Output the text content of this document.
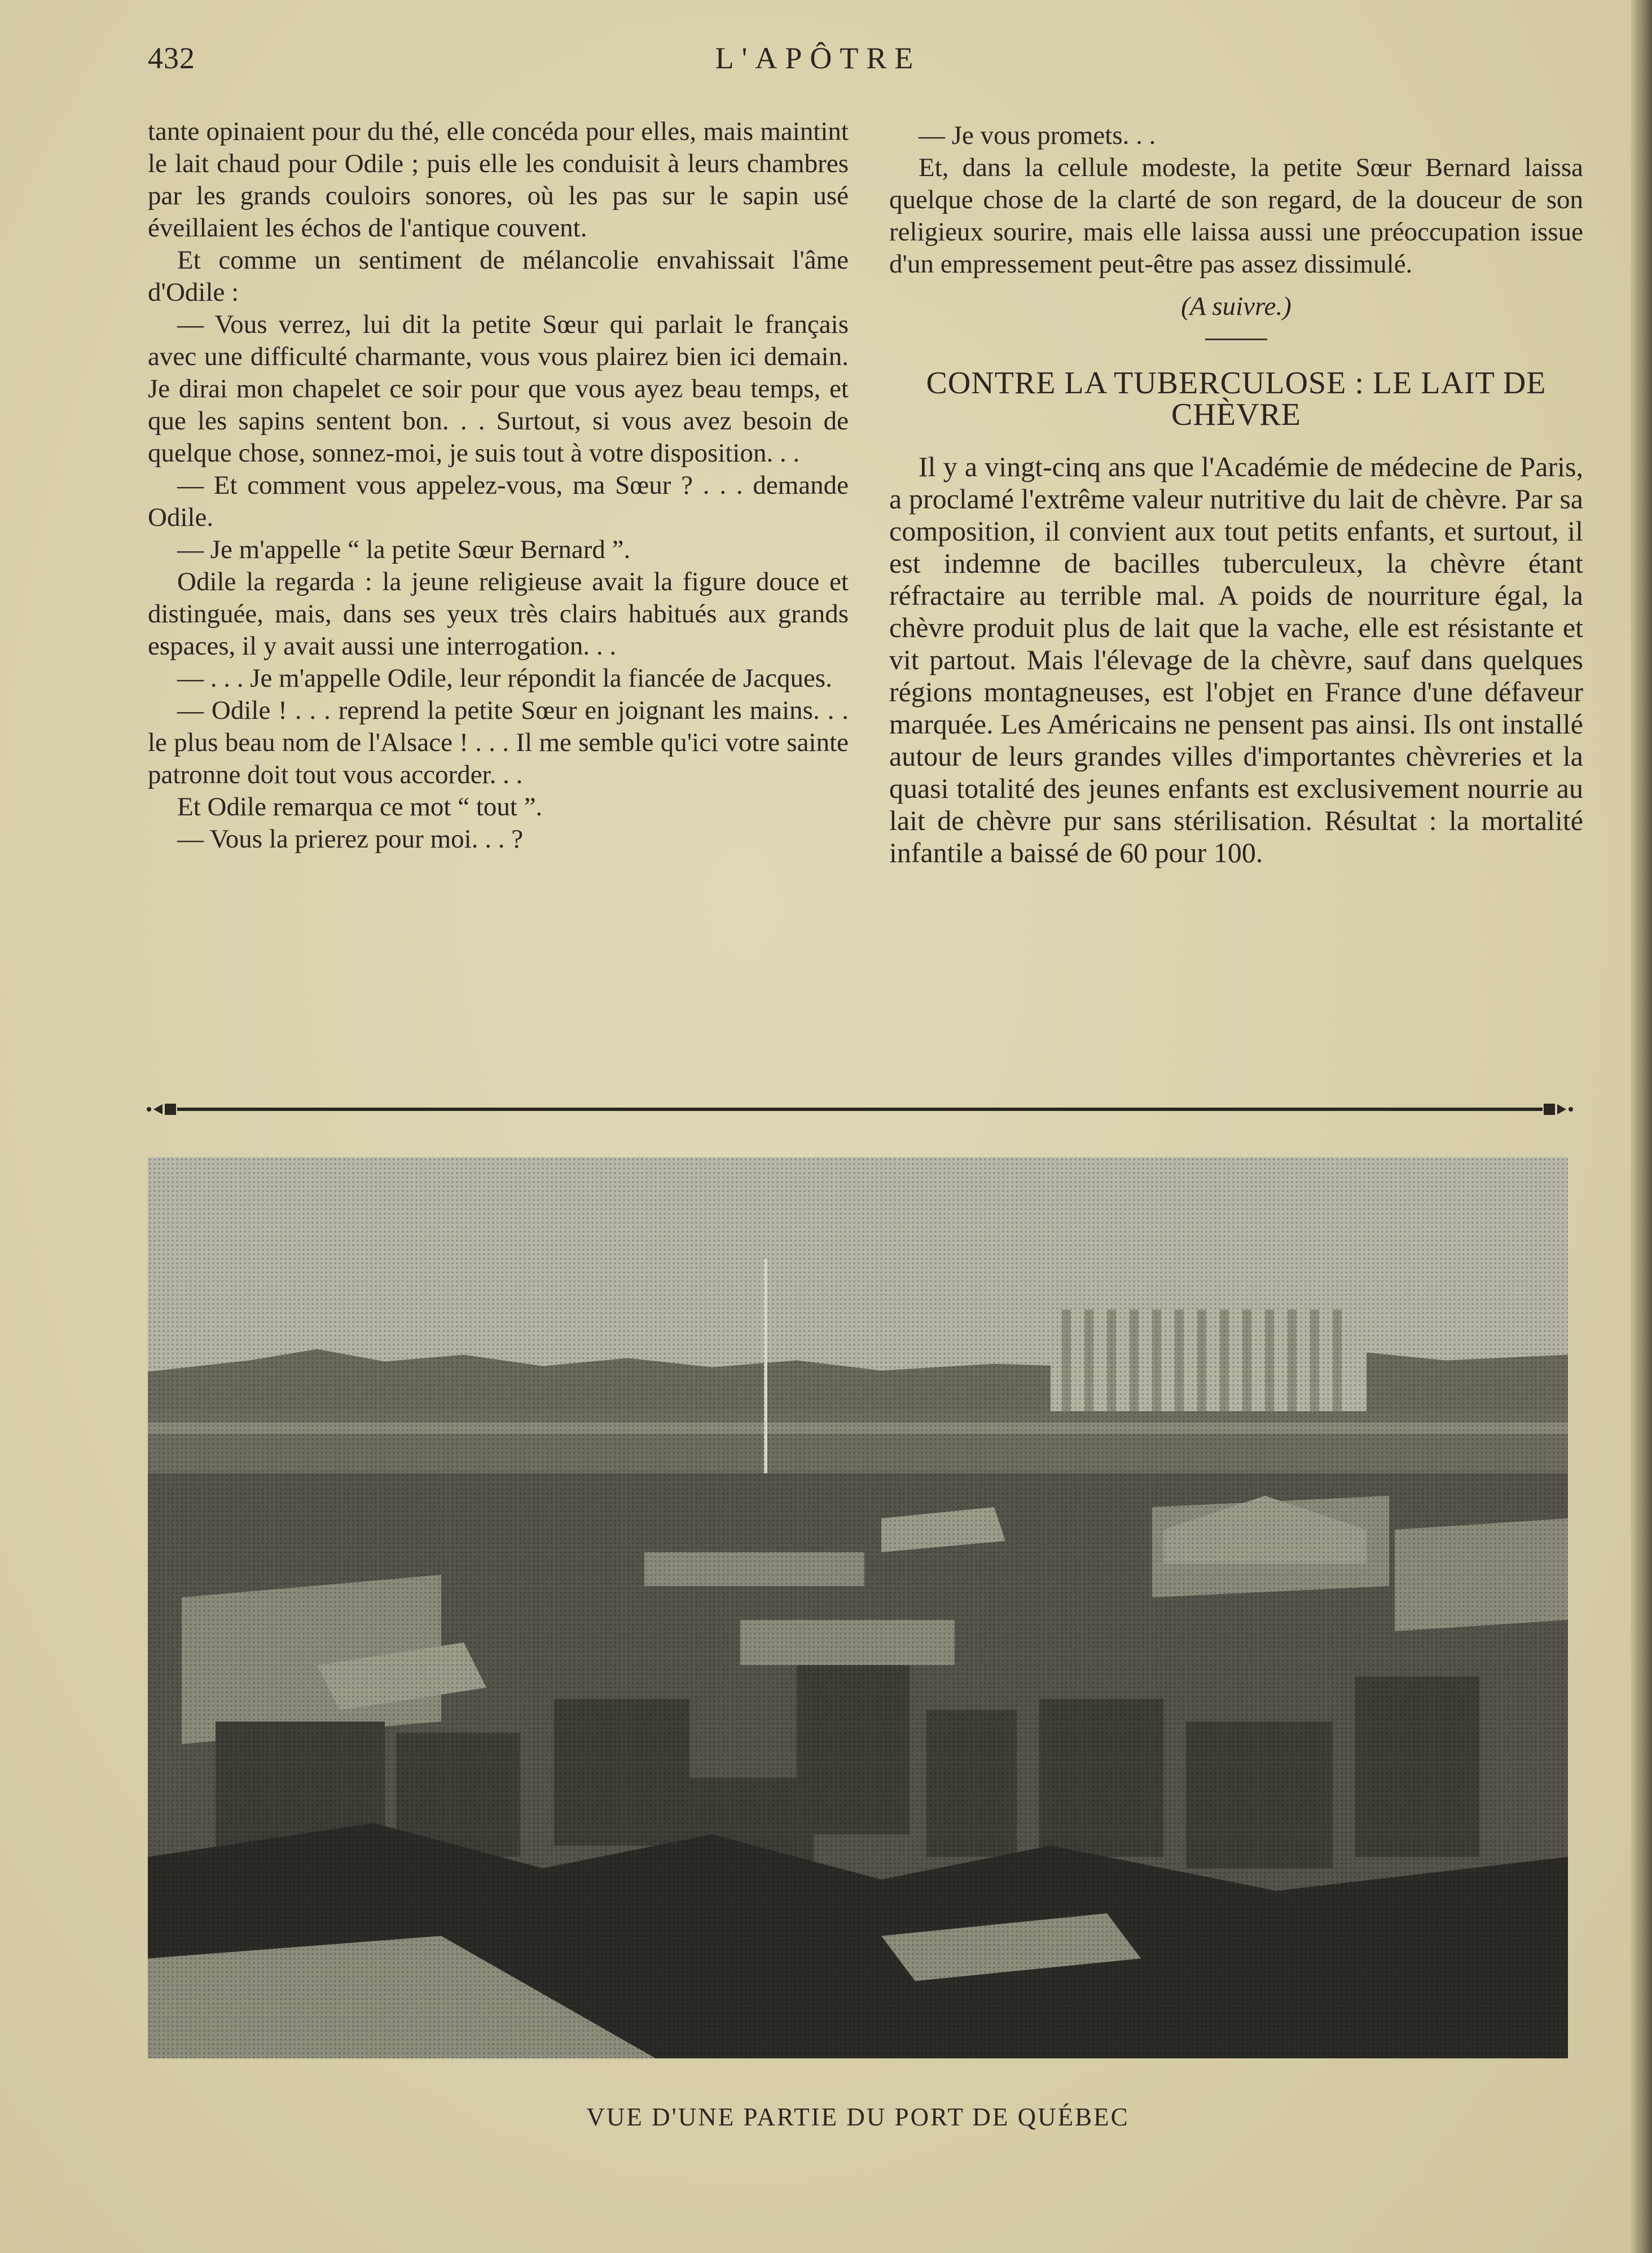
432	L'APÔTRE

tante opinaient pour du thé, elle concéda pour elles, mais maintint le lait chaud pour Odile ; puis elle les conduisit à leurs chambres par les grands couloirs sonores, où les pas sur le sapin usé éveillaient les échos de l'antique couvent.

Et comme un sentiment de mélancolie envahissait l'âme d'Odile :

— Vous verrez, lui dit la petite Sœur qui parlait le français avec une difficulté charmante, vous vous plairez bien ici demain. Je dirai mon chapelet ce soir pour que vous ayez beau temps, et que les sapins sentent bon. . . Surtout, si vous avez besoin de quelque chose, sonnez-moi, je suis tout à votre disposition. . .

— Et comment vous appelez-vous, ma Sœur ? . . . demande Odile.

— Je m'appelle “ la petite Sœur Bernard ”.

Odile la regarda : la jeune religieuse avait la figure douce et distinguée, mais, dans ses yeux très clairs habitués aux grands espaces, il y avait aussi une interrogation. . .

— . . . Je m'appelle Odile, leur répondit la fiancée de Jacques.

— Odile ! . . . reprend la petite Sœur en joignant les mains. . . le plus beau nom de l'Alsace ! . . . Il me semble qu'ici votre sainte patronne doit tout vous accorder. . .

Et Odile remarqua ce mot “ tout ”.

— Vous la prierez pour moi. . . ?

— Je vous promets. . .

Et, dans la cellule modeste, la petite Sœur Bernard laissa quelque chose de la clarté de son regard, de la douceur de son religieux sourire, mais elle laissa aussi une préoccupation issue d'un empressement peut-être pas assez dissimulé.

(A suivre.)
CONTRE LA TUBERCULOSE : LE LAIT DE CHÈVRE

Il y a vingt-cinq ans que l'Académie de médecine de Paris, a proclamé l'extrême valeur nutritive du lait de chèvre. Par sa composition, il convient aux tout petits enfants, et surtout, il est indemne de bacilles tuberculeux, la chèvre étant réfractaire au terrible mal. A poids de nourriture égal, la chèvre produit plus de lait que la vache, elle est résistante et vit partout. Mais l'élevage de la chèvre, sauf dans quelques régions montagneuses, est l'objet en France d'une défaveur marquée. Les Américains ne pensent pas ainsi. Ils ont installé autour de leurs grandes villes d'importantes chèvreries et la quasi totalité des jeunes enfants est exclusivement nourrie au lait de chèvre pur sans stérilisation. Résultat : la mortalité infantile a baissé de 60 pour 100.

VUE D'UNE PARTIE DU PORT DE QUÉBEC
